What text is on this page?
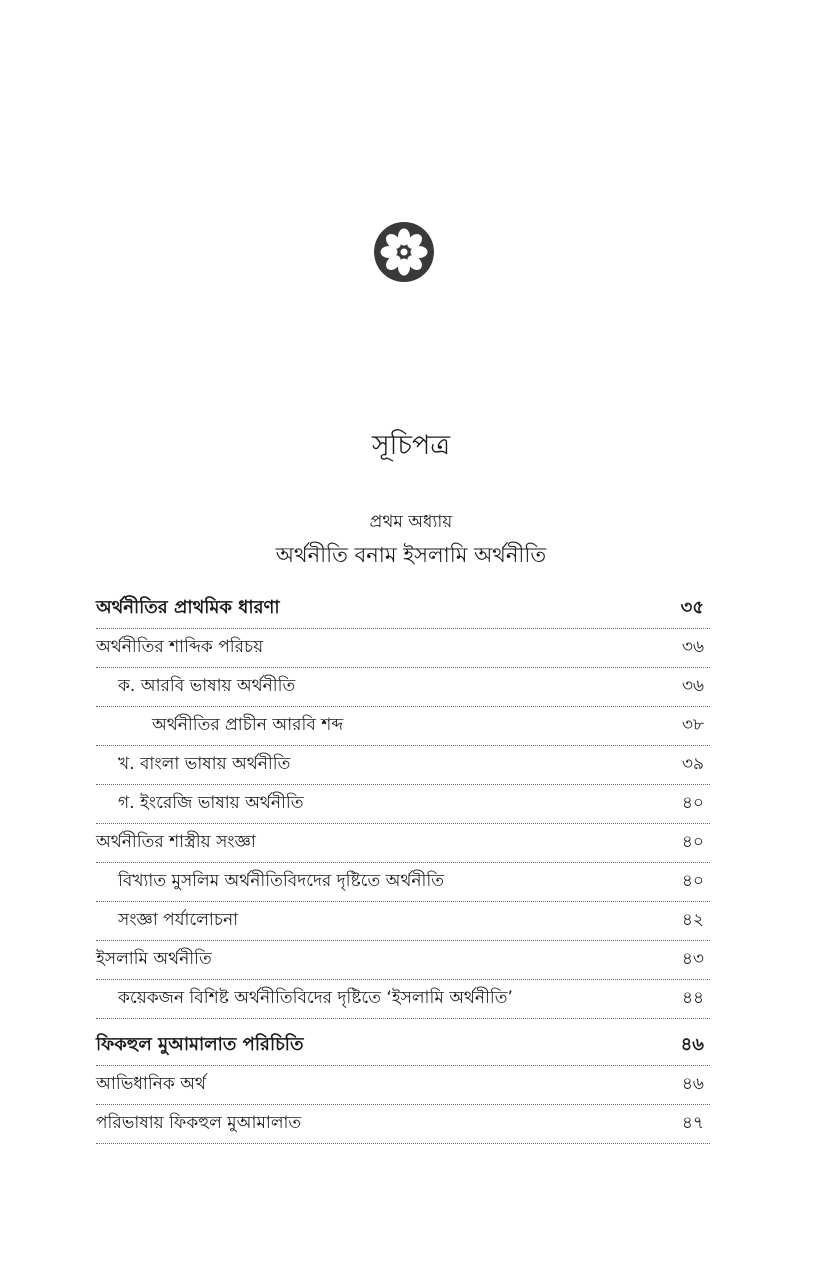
সূচিপত্র
প্রথম অধ্যায়
অর্থনীতি বনাম ইসলামি অর্থনীতি
অর্থনীতির প্রাথমিক ধারণা	৩৫
অর্থনীতির শাব্দিক পরিচয়	৩৬
ক. আরবি ভাষায় অর্থনীতি	৩৬
অর্থনীতির প্রাচীন আরবি শব্দ	৩৮
খ. বাংলা ভাষায় অর্থনীতি	৩৯
গ. ইংরেজি ভাষায় অর্থনীতি	৪০
অর্থনীতির শাস্ত্রীয় সংজ্ঞা	৪০
বিখ্যাত মুসলিম অর্থনীতিবিদদের দৃষ্টিতে অর্থনীতি	৪০
সংজ্ঞা পর্যালোচনা	৪২
ইসলামি অর্থনীতি	৪৩
কয়েকজন বিশিষ্ট অর্থনীতিবিদের দৃষ্টিতে ‘ইসলামি অর্থনীতি’	৪৪
ফিকহুল মুআমালাত পরিচিতি	৪৬
আভিধানিক অর্থ	৪৬
পরিভাষায় ফিকহুল মুআমালাত	৪৭
